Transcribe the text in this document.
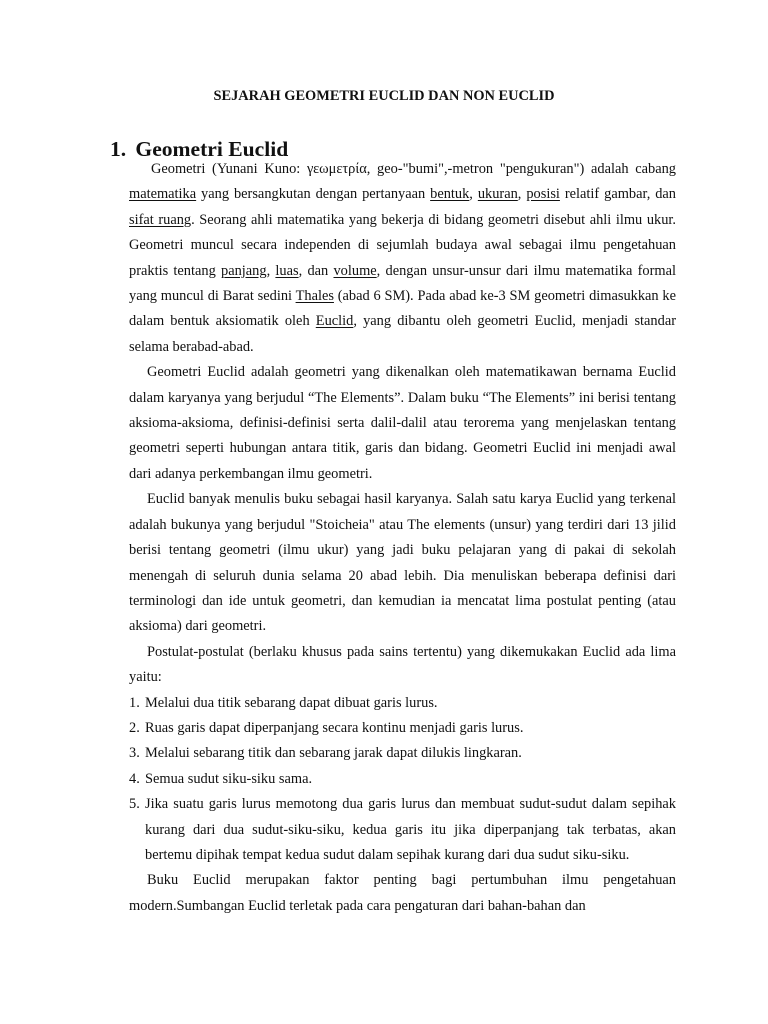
SEJARAH GEOMETRI EUCLID DAN NON EUCLID
1. Geometri Euclid

Geometri (Yunani Kuno: γεωμετρία, geo-"bumi",-metron "pengukuran") adalah cabang matematika yang bersangkutan dengan pertanyaan bentuk, ukuran, posisi relatif gambar, dan sifat ruang. Seorang ahli matematika yang bekerja di bidang geometri disebut ahli ilmu ukur. Geometri muncul secara independen di sejumlah budaya awal sebagai ilmu pengetahuan praktis tentang panjang, luas, dan volume, dengan unsur-unsur dari ilmu matematika formal yang muncul di Barat sedini Thales (abad 6 SM). Pada abad ke-3 SM geometri dimasukkan ke dalam bentuk aksiomatik oleh Euclid, yang dibantu oleh geometri Euclid, menjadi standar selama berabad-abad.

Geometri Euclid adalah geometri yang dikenalkan oleh matematikawan bernama Euclid dalam karyanya yang berjudul “The Elements”. Dalam buku “The Elements” ini berisi tentang aksioma-aksioma, definisi-definisi serta dalil-dalil atau terorema yang menjelaskan tentang geometri seperti hubungan antara titik, garis dan bidang. Geometri Euclid ini menjadi awal dari adanya perkembangan ilmu geometri.

Euclid banyak menulis buku sebagai hasil karyanya. Salah satu karya Euclid yang terkenal adalah bukunya yang berjudul "Stoicheia" atau The elements (unsur) yang terdiri dari 13 jilid berisi tentang geometri (ilmu ukur) yang jadi buku pelajaran yang di pakai di sekolah menengah di seluruh dunia selama 20 abad lebih. Dia menuliskan beberapa definisi dari terminologi dan ide untuk geometri, dan kemudian ia mencatat lima postulat penting (atau aksioma) dari geometri.

Postulat-postulat (berlaku khusus pada sains tertentu) yang dikemukakan Euclid ada lima yaitu:

1. Melalui dua titik sebarang dapat dibuat garis lurus.
2. Ruas garis dapat diperpanjang secara kontinu menjadi garis lurus.
3. Melalui sebarang titik dan sebarang jarak dapat dilukis lingkaran.
4. Semua sudut siku-siku sama.
5. Jika suatu garis lurus memotong dua garis lurus dan membuat sudut-sudut dalam sepihak kurang dari dua sudut-siku-siku, kedua garis itu jika diperpanjang tak terbatas, akan bertemu dipihak tempat kedua sudut dalam sepihak kurang dari dua sudut siku-siku.

Buku Euclid merupakan faktor penting bagi pertumbuhan ilmu pengetahuan modern.Sumbangan Euclid terletak pada cara pengaturan dari bahan-bahan dan
